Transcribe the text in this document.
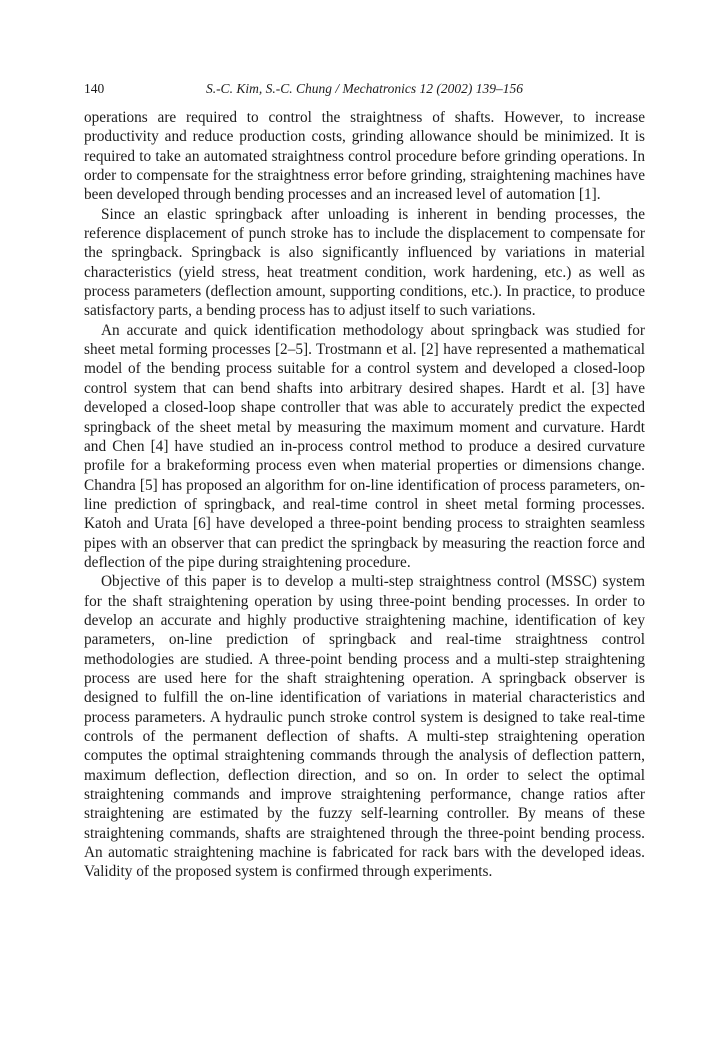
S.-C. Kim, S.-C. Chung / Mechatronics 12 (2002) 139–156
140

operations are required to control the straightness of shafts. However, to increase productivity and reduce production costs, grinding allowance should be minimized. It is required to take an automated straightness control procedure before grinding operations. In order to compensate for the straightness error before grinding, straightening machines have been developed through bending processes and an increased level of automation [1].

Since an elastic springback after unloading is inherent in bending processes, the reference displacement of punch stroke has to include the displacement to compensate for the springback. Springback is also significantly influenced by variations in material characteristics (yield stress, heat treatment condition, work hardening, etc.) as well as process parameters (deflection amount, supporting conditions, etc.). In practice, to produce satisfactory parts, a bending process has to adjust itself to such variations.

An accurate and quick identification methodology about springback was studied for sheet metal forming processes [2–5]. Trostmann et al. [2] have represented a mathematical model of the bending process suitable for a control system and developed a closed-loop control system that can bend shafts into arbitrary desired shapes. Hardt et al. [3] have developed a closed-loop shape controller that was able to accurately predict the expected springback of the sheet metal by measuring the maximum moment and curvature. Hardt and Chen [4] have studied an in-process control method to produce a desired curvature profile for a brakeforming process even when material properties or dimensions change. Chandra [5] has proposed an algorithm for on-line identification of process parameters, on-line prediction of springback, and real-time control in sheet metal forming processes. Katoh and Urata [6] have developed a three-point bending process to straighten seamless pipes with an observer that can predict the springback by measuring the reaction force and deflection of the pipe during straightening procedure.

Objective of this paper is to develop a multi-step straightness control (MSSC) system for the shaft straightening operation by using three-point bending processes. In order to develop an accurate and highly productive straightening machine, identification of key parameters, on-line prediction of springback and real-time straightness control methodologies are studied. A three-point bending process and a multi-step straightening process are used here for the shaft straightening operation. A springback observer is designed to fulfill the on-line identification of variations in material characteristics and process parameters. A hydraulic punch stroke control system is designed to take real-time controls of the permanent deflection of shafts. A multi-step straightening operation computes the optimal straightening commands through the analysis of deflection pattern, maximum deflection, deflection direction, and so on. In order to select the optimal straightening commands and improve straightening performance, change ratios after straightening are estimated by the fuzzy self-learning controller. By means of these straightening commands, shafts are straightened through the three-point bending process. An automatic straightening machine is fabricated for rack bars with the developed ideas. Validity of the proposed system is confirmed through experiments.
